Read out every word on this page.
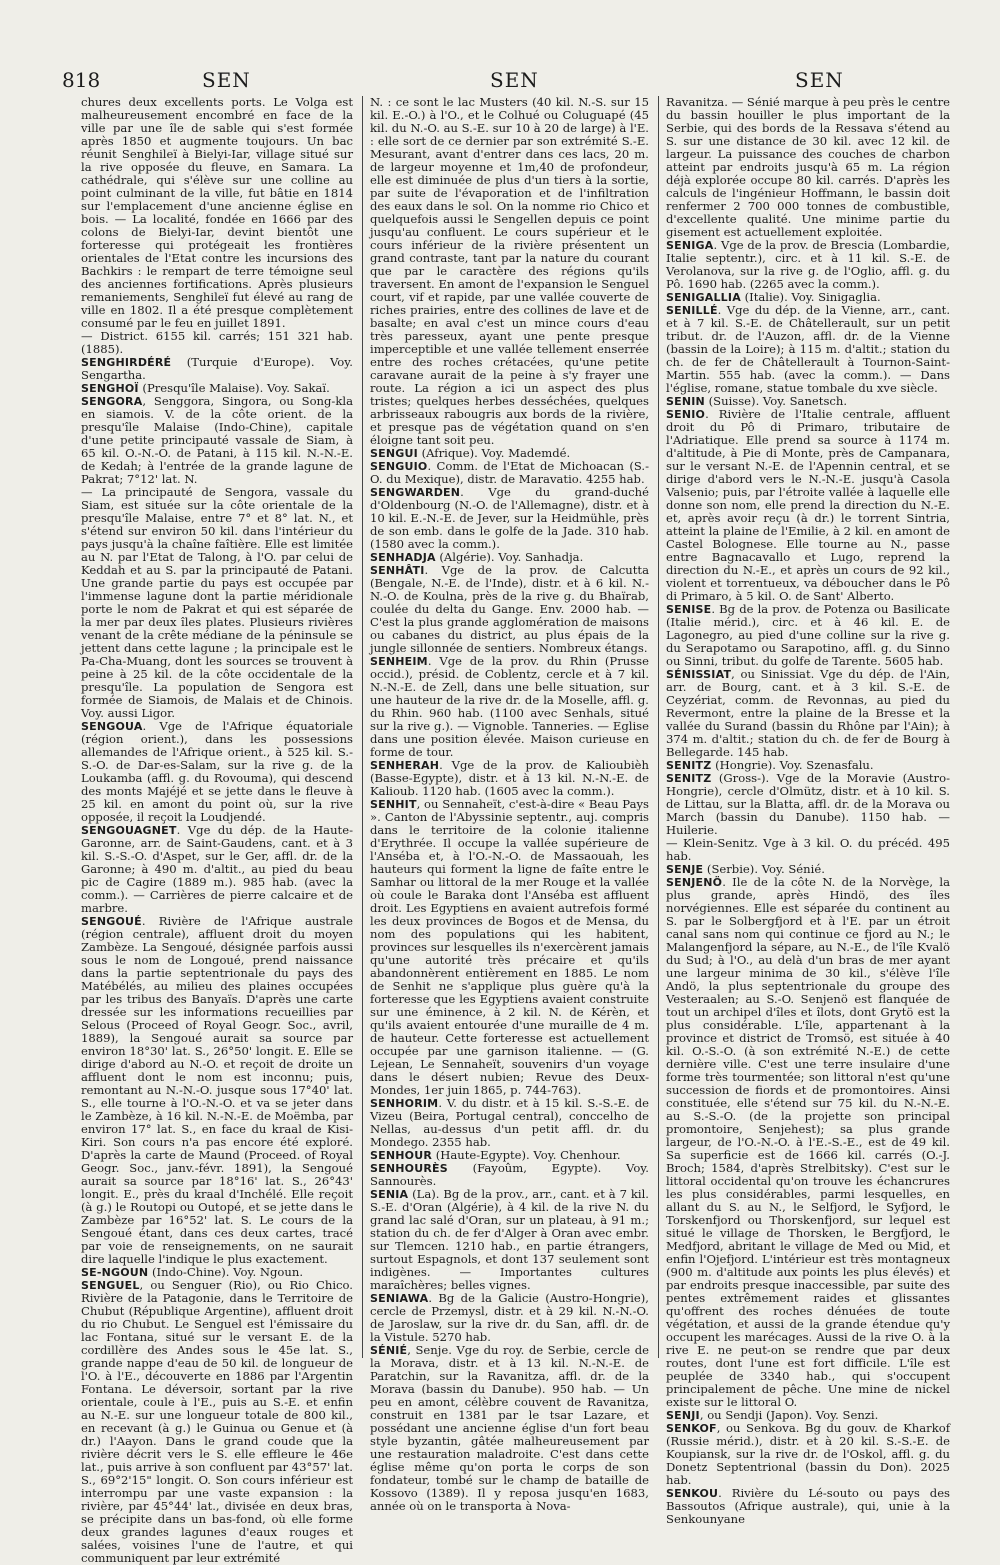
818	SEN	SEN	SEN

chures deux excellents ports. Le Volga est malheureusement encombré en face de la ville par une île de sable qui s'est formée après 1850 et augmente toujours. Un bac réunit Senghileï à Bielyi-Iar, village situé sur la rive opposée du fleuve, en Samara. La cathédrale, qui s'élève sur une colline au point culminant de la ville, fut bâtie en 1814 sur l'emplacement d'une ancienne église en bois. — La localité, fondée en 1666 par des colons de Bielyi-Iar, devint bientôt une forteresse qui protégeait les frontières orientales de l'Etat contre les incursions des Bachkirs : le rempart de terre témoigne seul des anciennes fortifications. Après plusieurs remaniements, Senghileï fut élevé au rang de ville en 1802. Il a été presque complètement consumé par le feu en juillet 1891.

— District. 6155 kil. carrés; 151 321 hab. (1885).

SENGHIRDÉRÉ (Turquie d'Europe). Voy. Sengartha.

SENGHOÏ (Presqu'île Malaise). Voy. Sakaï.

SENGORA, Senggora, Singora, ou Song-kla en siamois. V. de la côte orient. de la presqu'île Malaise (Indo-Chine), capitale d'une petite principauté vassale de Siam, à 65 kil. O.-N.-O. de Patani, à 115 kil. N.-N.-E. de Kedah; à l'entrée de la grande lagune de Pakrat; 7°12' lat. N.

— La principauté de Sengora, vassale du Siam, est située sur la côte orientale de la presqu'île Malaise, entre 7° et 8° lat. N., et s'étend sur environ 50 kil. dans l'intérieur du pays jusqu'à la chaîne faîtière. Elle est limitée au N. par l'Etat de Talong, à l'O. par celui de Keddah et au S. par la principauté de Patani. Une grande partie du pays est occupée par l'immense lagune dont la partie méridionale porte le nom de Pakrat et qui est séparée de la mer par deux îles plates. Plusieurs rivières venant de la crête médiane de la péninsule se jettent dans cette lagune ; la principale est le Pa-Cha-Muang, dont les sources se trouvent à peine à 25 kil. de la côte occidentale de la presqu'île. La population de Sengora est formée de Siamois, de Malais et de Chinois. Voy. aussi Ligor.

SENGOUA. Vge de l'Afrique équatoriale (région orient.), dans les possessions allemandes de l'Afrique orient., à 525 kil. S.-S.-O. de Dar-es-Salam, sur la rive g. de la Loukamba (affl. g. du Rovouma), qui descend des monts Majéjé et se jette dans le fleuve à 25 kil. en amont du point où, sur la rive opposée, il reçoit la Loudjendé.

SENGOUAGNET. Vge du dép. de la Haute-Garonne, arr. de Saint-Gaudens, cant. et à 3 kil. S.-S.-O. d'Aspet, sur le Ger, affl. dr. de la Garonne; à 490 m. d'altit., au pied du beau pic de Cagire (1889 m.). 985 hab. (avec la comm.). — Carrières de pierre calcaire et de marbre.

SENGOUÉ. Rivière de l'Afrique australe (région centrale), affluent droit du moyen Zambèze. La Sengoué, désignée parfois aussi sous le nom de Longoué, prend naissance dans la partie septentrionale du pays des Matébélés, au milieu des plaines occupées par les tribus des Banyaïs. D'après une carte dressée sur les informations recueillies par Selous (Proceed of Royal Geogr. Soc., avril, 1889), la Sengoué aurait sa source par environ 18°30' lat. S., 26°50' longit. E. Elle se dirige d'abord au N.-O. et reçoit de droite un affluent dont le nom est inconnu; puis, remontant au N.-N.-O. jusque sous 17°40' lat. S., elle tourne à l'O.-N.-O. et va se jeter dans le Zambèze, à 16 kil. N.-N.-E. de Moëmba, par environ 17° lat. S., en face du kraal de Kisi-Kiri. Son cours n'a pas encore été exploré. D'après la carte de Maund (Proceed. of Royal Geogr. Soc., janv.-févr. 1891), la Sengoué aurait sa source par 18°16' lat. S., 26°43' longit. E., près du kraal d'Inchélé. Elle reçoit (à g.) le Routopi ou Outopé, et se jette dans le Zambèze par 16°52' lat. S. Le cours de la Sengoué étant, dans ces deux cartes, tracé par voie de renseignements, on ne saurait dire laquelle l'indique le plus exactement.

SE-NGOUN (Indo-Chine). Voy. Ngoun.

SENGUEL, ou Senguer (Rio), ou Rio Chico. Rivière de la Patagonie, dans le Territoire de Chubut (République Argentine), affluent droit du rio Chubut. Le Senguel est l'émissaire du lac Fontana, situé sur le versant E. de la cordillère des Andes sous le 45e lat. S., grande nappe d'eau de 50 kil. de longueur de l'O. à l'E., découverte en 1886 par l'Argentin Fontana. Le déversoir, sortant par la rive orientale, coule à l'E., puis au S.-E. et enfin au N.-E. sur une longueur totale de 800 kil., en recevant (à g.) le Guinua ou Genue et (à dr.) l'Aayon. Dans le grand coude que la rivière décrit vers le S. elle effleure le 46e lat., puis arrive à son confluent par 43°57' lat. S., 69°2'15" longit. O. Son cours inférieur est interrompu par une vaste expansion : la rivière, par 45°44' lat., divisée en deux bras, se précipite dans un bas-fond, où elle forme deux grandes lagunes d'eaux rouges et salées, voisines l'une de l'autre, et qui communiquent par leur extrémité

N. : ce sont le lac Musters (40 kil. N.-S. sur 15 kil. E.-O.) à l'O., et le Colhué ou Coluguapé (45 kil. du N.-O. au S.-E. sur 10 à 20 de large) à l'E. : elle sort de ce dernier par son extrémité S.-E. Mesurant, avant d'entrer dans ces lacs, 20 m. de largeur moyenne et 1m,40 de profondeur, elle est diminuée de plus d'un tiers à la sortie, par suite de l'évaporation et de l'infiltration des eaux dans le sol. On la nomme rio Chico et quelquefois aussi le Sengellen depuis ce point jusqu'au confluent. Le cours supérieur et le cours inférieur de la rivière présentent un grand contraste, tant par la nature du courant que par le caractère des régions qu'ils traversent. En amont de l'expansion le Senguel court, vif et rapide, par une vallée couverte de riches prairies, entre des collines de lave et de basalte; en aval c'est un mince cours d'eau très paresseux, ayant une pente presque imperceptible et une vallée tellement enserrée entre des roches crétacées, qu'une petite caravane aurait de la peine à s'y frayer une route. La région a ici un aspect des plus tristes; quelques herbes desséchées, quelques arbrisseaux rabougris aux bords de la rivière, et presque pas de végétation quand on s'en éloigne tant soit peu.

SENGUI (Afrique). Voy. Mademdé.

SENGUIO. Comm. de l'Etat de Michoacan (S.-O. du Mexique), distr. de Maravatio. 4255 hab.

SENGWARDEN. Vge du grand-duché d'Oldenbourg (N.-O. de l'Allemagne), distr. et à 10 kil. E.-N.-E. de Jever, sur la Heidmühle, près de son emb. dans le golfe de la Jade. 310 hab. (1580 avec la comm.).

SENHADJA (Algérie). Voy. Sanhadja.

SENHÂTI. Vge de la prov. de Calcutta (Bengale, N.-E. de l'Inde), distr. et à 6 kil. N.-N.-O. de Koulna, près de la rive g. du Bhaïrab, coulée du delta du Gange. Env. 2000 hab. — C'est la plus grande agglomération de maisons ou cabanes du district, au plus épais de la jungle sillonnée de sentiers. Nombreux étangs.

SENHEIM. Vge de la prov. du Rhin (Prusse occid.), présid. de Coblentz, cercle et à 7 kil. N.-N.-E. de Zell, dans une belle situation, sur une hauteur de la rive dr. de la Moselle, affl. g. du Rhin. 960 hab. (1100 avec Senhals, situé sur la rive g.). — Vignoble. Tanneries. — Eglise dans une position élevée. Maison curieuse en forme de tour.

SENHERAH. Vge de la prov. de Kalioubièh (Basse-Egypte), distr. et à 13 kil. N.-N.-E. de Kalioub. 1120 hab. (1605 avec la comm.).

SENHIT, ou Sennaheït, c'est-à-dire « Beau Pays ». Canton de l'Abyssinie septentr., auj. compris dans le territoire de la colonie italienne d'Erythrée. Il occupe la vallée supérieure de l'Anséba et, à l'O.-N.-O. de Massaouah, les hauteurs qui forment la ligne de faîte entre le Samhar ou littoral de la mer Rouge et la vallée où coule le Baraka dont l'Anséba est affluent droit. Les Egyptiens en avaient autrefois formé les deux provinces de Bogos et de Mensa, du nom des populations qui les habitent, provinces sur lesquelles ils n'exercèrent jamais qu'une autorité très précaire et qu'ils abandonnèrent entièrement en 1885. Le nom de Senhit ne s'applique plus guère qu'à la forteresse que les Egyptiens avaient construite sur une éminence, à 2 kil. N. de Kérèn, et qu'ils avaient entourée d'une muraille de 4 m. de hauteur. Cette forteresse est actuellement occupée par une garnison italienne. — (G. Lejean, Le Sennaheït, souvenirs d'un voyage dans le désert nubien; Revue des Deux-Mondes, 1er juin 1865, p. 744-763).

SENHORIM. V. du distr. et à 15 kil. S.-S.-E. de Vizeu (Beira, Portugal central), conccelho de Nellas, au-dessus d'un petit affl. dr. du Mondego. 2355 hab.

SENHOUR (Haute-Egypte). Voy. Chenhour.

SENHOURÈS (Fayoûm, Egypte). Voy. Sannourès.

SENIA (La). Bg de la prov., arr., cant. et à 7 kil. S.-E. d'Oran (Algérie), à 4 kil. de la rive N. du grand lac salé d'Oran, sur un plateau, à 91 m.; station du ch. de fer d'Alger à Oran avec embr. sur Tlemcen. 1210 hab., en partie étrangers, surtout Espagnols, et dont 137 seulement sont indigènes. — Importantes cultures maraîchères; belles vignes.

SENIAWA. Bg de la Galicie (Austro-Hongrie), cercle de Przemysl, distr. et à 29 kil. N.-N.-O. de Jaroslaw, sur la rive dr. du San, affl. dr. de la Vistule. 5270 hab.

SÉNIÉ, Senje. Vge du roy. de Serbie, cercle de la Morava, distr. et à 13 kil. N.-N.-E. de Paratchin, sur la Ravanitza, affl. dr. de la Morava (bassin du Danube). 950 hab. — Un peu en amont, célèbre couvent de Ravanitza, construit en 1381 par le tsar Lazare, et possédant une ancienne église d'un fort beau style byzantin, gâtée malheureusement par une restauration maladroite. C'est dans cette église même qu'on porta le corps de son fondateur, tombé sur le champ de bataille de Kossovo (1389). Il y reposa jusqu'en 1683, année où on le transporta à Nova-

Ravanitza. — Sénié marque à peu près le centre du bassin houiller le plus important de la Serbie, qui des bords de la Ressava s'étend au S. sur une distance de 30 kil. avec 12 kil. de largeur. La puissance des couches de charbon atteint par endroits jusqu'à 65 m. La région déjà explorée occupe 80 kil. carrés. D'après les calculs de l'ingénieur Hoffmann, le bassin doit renfermer 2 700 000 tonnes de combustible, d'excellente qualité. Une minime partie du gisement est actuellement exploitée.

SENIGA. Vge de la prov. de Brescia (Lombardie, Italie septentr.), circ. et à 11 kil. S.-E. de Verolanova, sur la rive g. de l'Oglio, affl. g. du Pô. 1690 hab. (2265 avec la comm.).

SENIGALLIA (Italie). Voy. Sinigaglia.

SENILLÉ. Vge du dép. de la Vienne, arr., cant. et à 7 kil. S.-E. de Châtellerault, sur un petit tribut. dr. de l'Auzon, affl. dr. de la Vienne (bassin de la Loire); à 115 m. d'altit.; station du ch. de fer de Châtellerault à Tournon-Saint-Martin. 555 hab. (avec la comm.). — Dans l'église, romane, statue tombale du xve siècle.

SENIN (Suisse). Voy. Sanetsch.

SENIO. Rivière de l'Italie centrale, affluent droit du Pô di Primaro, tributaire de l'Adriatique. Elle prend sa source à 1174 m. d'altitude, à Pie di Monte, près de Campanara, sur le versant N.-E. de l'Apennin central, et se dirige d'abord vers le N.-N.-E. jusqu'à Casola Valsenio; puis, par l'étroite vallée à laquelle elle donne son nom, elle prend la direction du N.-E. et, après avoir reçu (à dr.) le torrent Sintria, atteint la plaine de l'Emilie, à 2 kil. en amont de Castel Bolognese. Elle tourne au N., passe entre Bagnacavallo et Lugo, reprend la direction du N.-E., et après un cours de 92 kil., violent et torrentueux, va déboucher dans le Pô di Primaro, à 5 kil. O. de Sant' Alberto.

SENISE. Bg de la prov. de Potenza ou Basilicate (Italie mérid.), circ. et à 46 kil. E. de Lagonegro, au pied d'une colline sur la rive g. du Serapotamo ou Sarapotino, affl. g. du Sinno ou Sinni, tribut. du golfe de Tarente. 5605 hab.

SÉNISSIAT, ou Sinissiat. Vge du dép. de l'Ain, arr. de Bourg, cant. et à 3 kil. S.-E. de Ceyzériat, comm. de Revonnas, au pied du Revermont, entre la plaine de la Bresse et la vallée du Surand (bassin du Rhône par l'Ain); à 374 m. d'altit.; station du ch. de fer de Bourg à Bellegarde. 145 hab.

SENITZ (Hongrie). Voy. Szenasfalu.

SENITZ (Gross-). Vge de la Moravie (Austro-Hongrie), cercle d'Olmütz, distr. et à 10 kil. S. de Littau, sur la Blatta, affl. dr. de la Morava ou March (bassin du Danube). 1150 hab. — Huilerie.

— Klein-Senitz. Vge à 3 kil. O. du précéd. 495 hab.

SENJE (Serbie). Voy. Sénié.

SENJENÖ. Ile de la côte N. de la Norvège, la plus grande, après Hindö, des îles norvégiennes. Elle est séparée du continent au S. par le Solbergfjord et à l'E. par un étroit canal sans nom qui continue ce fjord au N.; le Malangenfjord la sépare, au N.-E., de l'île Kvalö du Sud; à l'O., au delà d'un bras de mer ayant une largeur minima de 30 kil., s'élève l'île Andö, la plus septentrionale du groupe des Vesteraalen; au S.-O. Senjenö est flanquée de tout un archipel d'îles et îlots, dont Grytö est la plus considérable. L'île, appartenant à la province et district de Tromsö, est située à 40 kil. O.-S.-O. (à son extrémité N.-E.) de cette dernière ville. C'est une terre insulaire d'une forme très tourmentée; son littoral n'est qu'une succession de fiords et de promontoires. Ainsi constituée, elle s'étend sur 75 kil. du N.-N.-E. au S.-S.-O. (de la projette son principal promontoire, Senjehest); sa plus grande largeur, de l'O.-N.-O. à l'E.-S.-E., est de 49 kil. Sa superficie est de 1666 kil. carrés (O.-J. Broch; 1584, d'après Strelbitsky). C'est sur le littoral occidental qu'on trouve les échancrures les plus considérables, parmi lesquelles, en allant du S. au N., le Selfjord, le Syfjord, le Torskenfjord ou Thorskenfjord, sur lequel est situé le village de Thorsken, le Bergfjord, le Medfjord, abritant le village de Med ou Mid, et enfin l'Ojefjord. L'intérieur est très montagneux (900 m. d'altitude aux points les plus élevés) et par endroits presque inaccessible, par suite des pentes extrêmement raides et glissantes qu'offrent des roches dénuées de toute végétation, et aussi de la grande étendue qu'y occupent les marécages. Aussi de la rive O. à la rive E. ne peut-on se rendre que par deux routes, dont l'une est fort difficile. L'île est peuplée de 3340 hab., qui s'occupent principalement de pêche. Une mine de nickel existe sur le littoral O.

SENJI, ou Sendji (Japon). Voy. Senzi.

SENKOF, ou Senkova. Bg du gouv. de Kharkof (Russie mérid.), distr. et à 20 kil. S.-S.-E. de Koupiansk, sur la rive dr. de l'Oskol, affl. g. du Donetz Septentrional (bassin du Don). 2025 hab.

SENKOU. Rivière du Lé-souto ou pays des Bassoutos (Afrique australe), qui, unie à la Senkounyane
